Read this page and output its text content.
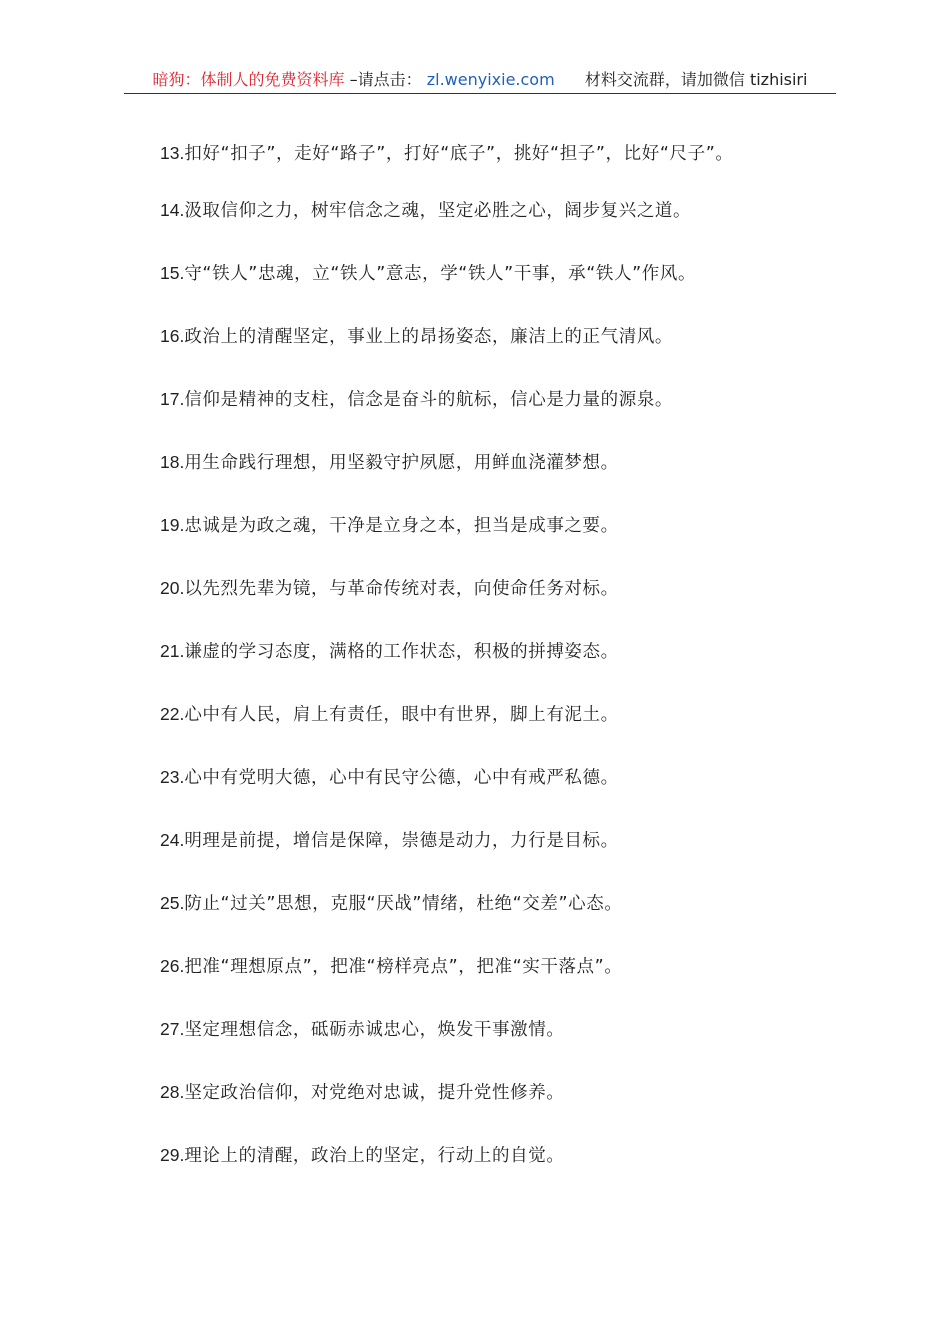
暗狗：体制人的免费资料库 –请点击： zl.wenyixie.com 材料交流群，请加微信 tizhisiri

13.扣好“扣子”，走好“路子”，打好“底子”，挑好“担子”，比好“尺子”。

14.汲取信仰之力，树牢信念之魂，坚定必胜之心，阔步复兴之道。

15.守“铁人”忠魂，立“铁人”意志，学“铁人”干事，承“铁人”作风。

16.政治上的清醒坚定，事业上的昂扬姿态，廉洁上的正气清风。

17.信仰是精神的支柱，信念是奋斗的航标，信心是力量的源泉。

18.用生命践行理想，用坚毅守护夙愿，用鲜血浇灌梦想。

19.忠诚是为政之魂，干净是立身之本，担当是成事之要。

20.以先烈先辈为镜，与革命传统对表，向使命任务对标。

21.谦虚的学习态度，满格的工作状态，积极的拼搏姿态。

22.心中有人民，肩上有责任，眼中有世界，脚上有泥土。

23.心中有党明大德，心中有民守公德，心中有戒严私德。

24.明理是前提，增信是保障，崇德是动力，力行是目标。

25.防止“过关”思想，克服“厌战”情绪，杜绝“交差”心态。

26.把准“理想原点”，把准“榜样亮点”，把准“实干落点”。

27.坚定理想信念，砥砺赤诚忠心，焕发干事激情。

28.坚定政治信仰，对党绝对忠诚，提升党性修养。

29.理论上的清醒，政治上的坚定，行动上的自觉。
